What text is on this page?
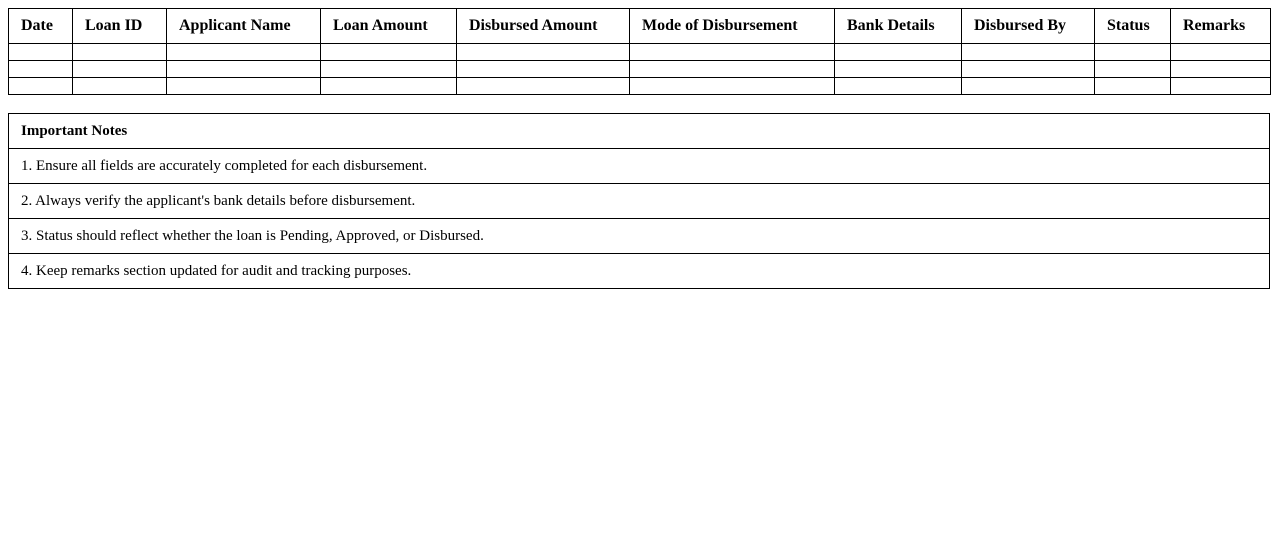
Date	Loan ID	Applicant Name	Loan Amount	Disbursed Amount	Mode of Disbursement	Bank Details	Disbursed By	Status	Remarks

Important Notes
1. Ensure all fields are accurately completed for each disbursement.
2. Always verify the applicant's bank details before disbursement.
3. Status should reflect whether the loan is Pending, Approved, or Disbursed.
4. Keep remarks section updated for audit and tracking purposes.
